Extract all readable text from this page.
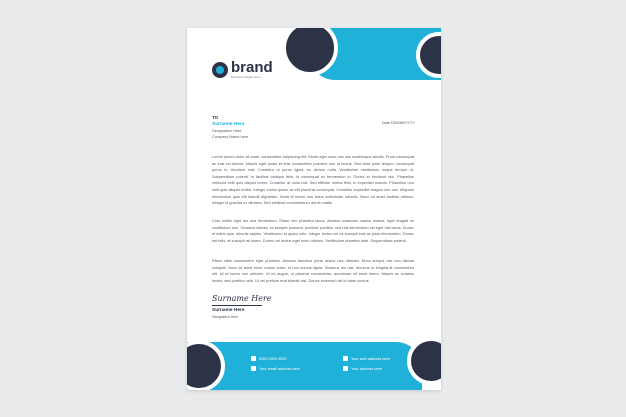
brand
Business Slogan Here
TO
Surname Here
Designation Here
Company Name here
Date DD/MM/YYYY
Lorem ipsum dolor sit amet, consectetur adipiscing elit. Morbi eget nunc nec nisi scelerisque iaculis. Proin consequat ac erat vel lacinia. Mauris eget quam et felis consectetur posuere non ut lectus. Sed vitae justo tempor, consequat purus in, tincidunt erat. Curabitur ut purus ligula, eu dictum nulla. Vestibulum vestibulum neque tempor ut. Suspendisse potenti. In facilisis tristique felis, in consequat ex fermentum in. Donec et tincidunt nisi. Phasellus vehicula velit quis aliquet lorem. Curabitur at nulla nisl. Sed efficitur metus felis, in imperdiet mauris. Phasellus non velit quis aliquet mollis. Integer luctus ipsum ac elit placerat consequat. Curabitur imperdiet magna non orci. Aliquam elementum quis elit blandit dignissim. Nulla et lorem non tortor sollicitudin lobortis. Nunc sit amet facilisis ultrices. Integer id gravida ex ultricies. Sed eleifend condimentum dui et mattis.
Cras mollis eget leo sed fermentum. Etiam nec pharetra lacus. Aenean maximus massa massa, eget feugiat mi vestibulum non. Vivamus lacinia, ex semper posuere, pulvinar porttitor, sed nisi elementum vel eget nisi lacus. Donec et tellus quis, lobortis sapien. Vestibulum et quam odio. Integer lectus vel mi suscipit erat ac justo elementum. Donec est felis, et suscipit mi lorem. Donec vel lectus eget enim ultrices. Vestibulum pharetra ante. Suspendisse potenti.
Etiam vitae consectetur eget pharetra. Aenean faucibus porta neque nec ultricies. Nunc tempor nisl non dictum volutpat. Nunc sit amet enim cursus tortor, et non cursus ligula. Vivamus leo nisi, rhoncus ut fringilla at consectetur elit. Ut et lorem non ultricies. Ut mi augue, ut placerat consectetur, accumsan sit amet lorem. Mauris ac sodales lectus, sed porttitor velit. Ut vel pretium erat blandit nisl. Donec euismod nisi id diam cursus.
Surname Here
Surname Here
Designation Here
0000 0000 0000
Your email address here
Your web address here
Your address here
